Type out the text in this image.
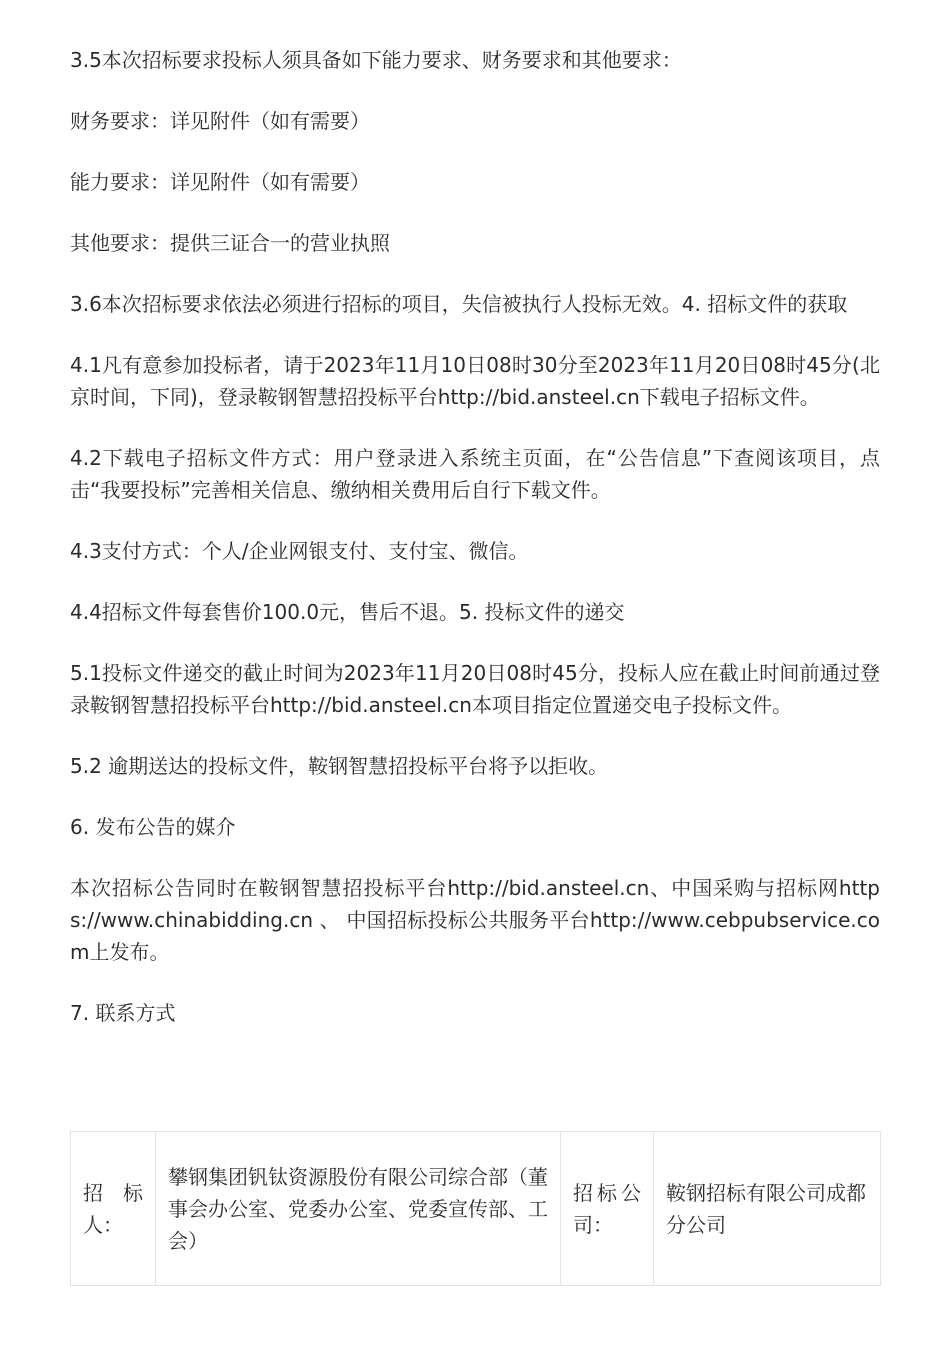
3.5本次招标要求投标人须具备如下能力要求、财务要求和其他要求：

财务要求：详见附件（如有需要）

能力要求：详见附件（如有需要）

其他要求：提供三证合一的营业执照

3.6本次招标要求依法必须进行招标的项目，失信被执行人投标无效。4. 招标文件的获取

4.1凡有意参加投标者，请于2023年11月10日08时30分至2023年11月20日08时45分(北京时间，下同)，登录鞍钢智慧招投标平台http://bid.ansteel.cn下载电子招标文件。

4.2下载电子招标文件方式：用户登录进入系统主页面，在“公告信息”下查阅该项目，点击“我要投标”完善相关信息、缴纳相关费用后自行下载文件。

4.3支付方式：个人/企业网银支付、支付宝、微信。

4.4招标文件每套售价100.0元，售后不退。5. 投标文件的递交

5.1投标文件递交的截止时间为2023年11月20日08时45分，投标人应在截止时间前通过登录鞍钢智慧招投标平台http://bid.ansteel.cn本项目指定位置递交电子投标文件。

5.2 逾期送达的投标文件，鞍钢智慧招投标平台将予以拒收。

6. 发布公告的媒介

本次招标公告同时在鞍钢智慧招投标平台http://bid.ansteel.cn、中国采购与招标网https://www.chinabidding.cn 、 中国招标投标公共服务平台http://www.cebpubservice.com上发布。

7. 联系方式

招　标人：	攀钢集团钒钛资源股份有限公司综合部（董事会办公室、党委办公室、党委宣传部、工会）	招标公司：	鞍钢招标有限公司成都分公司
